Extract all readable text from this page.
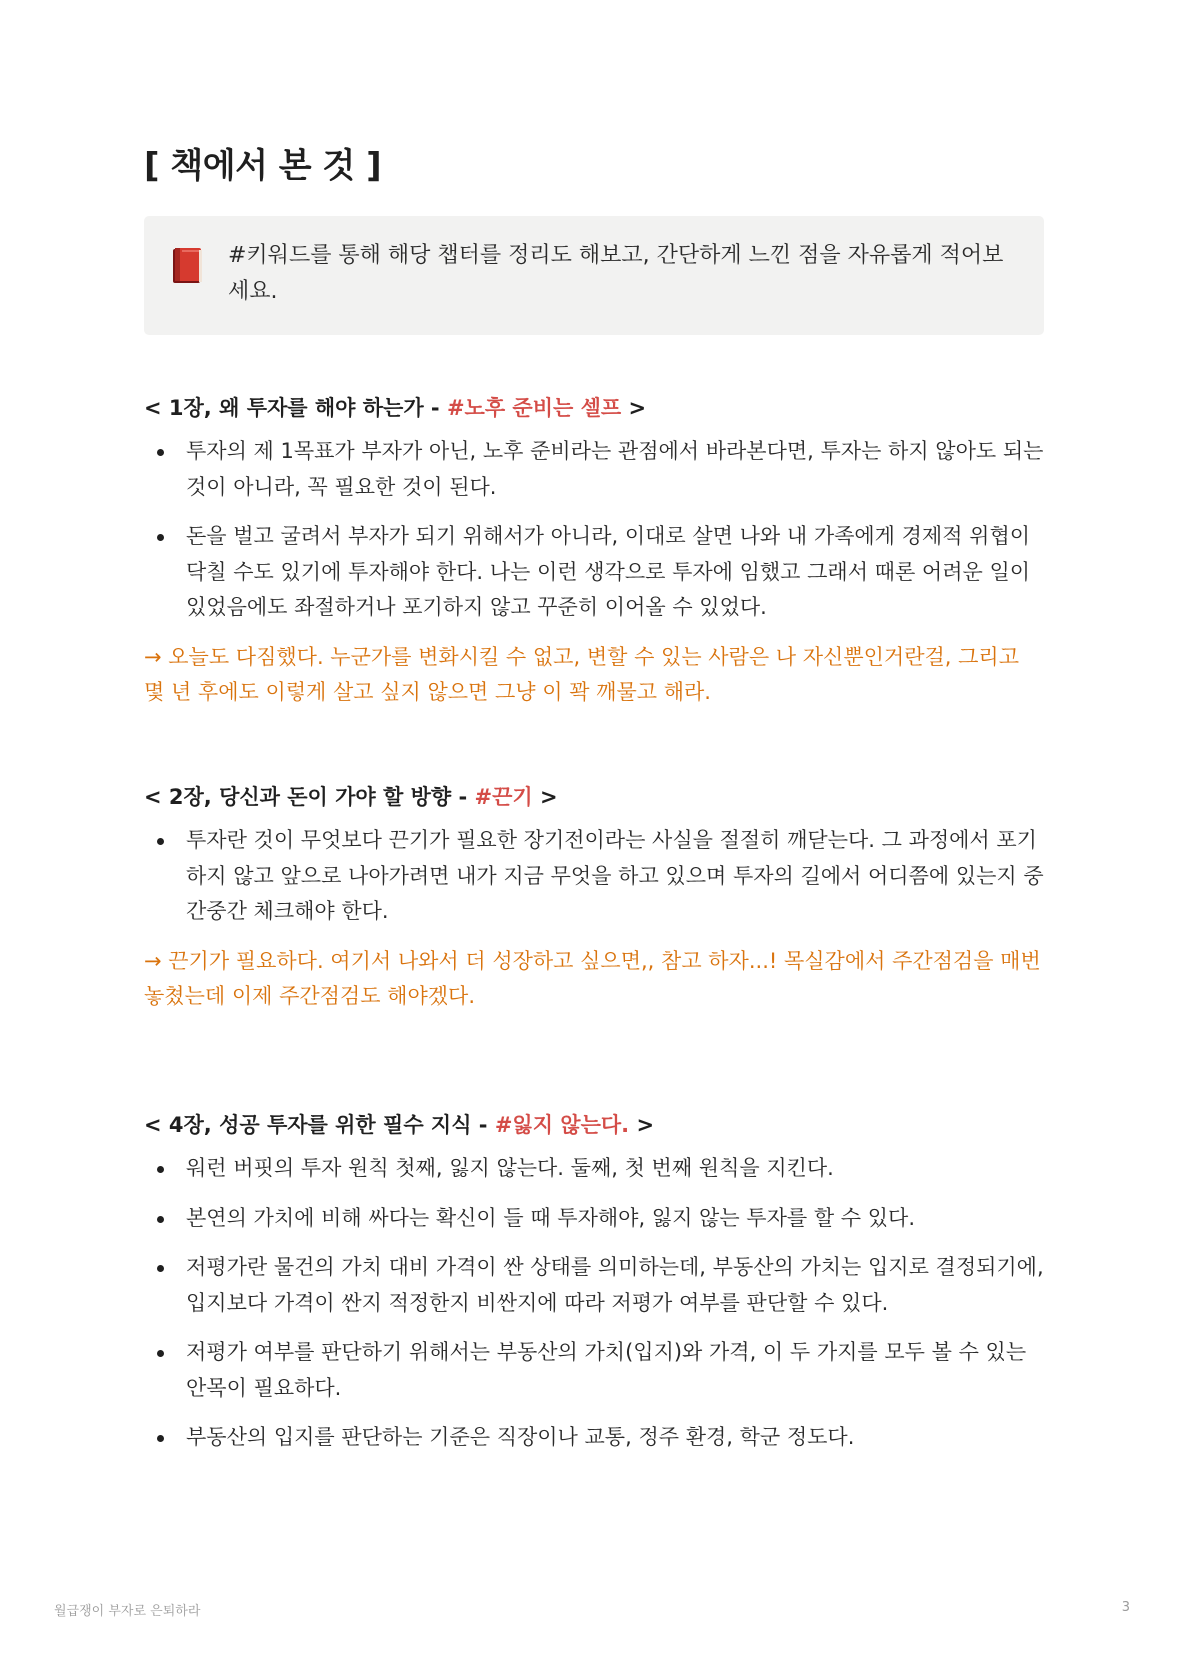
[ 책에서 본 것 ]
#키워드를 통해 해당 챕터를 정리도 해보고, 간단하게 느낀 점을 자유롭게 적어보세요.
< 1장, 왜 투자를 해야 하는가 - #노후 준비는 셀프 >
투자의 제 1목표가 부자가 아닌, 노후 준비라는 관점에서 바라본다면, 투자는 하지 않아도 되는 것이 아니라, 꼭 필요한 것이 된다.
돈을 벌고 굴려서 부자가 되기 위해서가 아니라, 이대로 살면 나와 내 가족에게 경제적 위협이 닥칠 수도 있기에 투자해야 한다. 나는 이런 생각으로 투자에 임했고 그래서 때론 어려운 일이 있었음에도 좌절하거나 포기하지 않고 꾸준히 이어올 수 있었다.
→ 오늘도 다짐했다. 누군가를 변화시킬 수 없고, 변할 수 있는 사람은 나 자신뿐인거란걸, 그리고 몇 년 후에도 이렇게 살고 싶지 않으면 그냥 이 꽉 깨물고 해라.
< 2장, 당신과 돈이 가야 할 방향 - #끈기 >
투자란 것이 무엇보다 끈기가 필요한 장기전이라는 사실을 절절히 깨닫는다. 그 과정에서 포기하지 않고 앞으로 나아가려면 내가 지금 무엇을 하고 있으며 투자의 길에서 어디쯤에 있는지 중간중간 체크해야 한다.
→ 끈기가 필요하다. 여기서 나와서 더 성장하고 싶으면,, 참고 하자...! 목실감에서 주간점검을 매번 놓쳤는데 이제 주간점검도 해야겠다.
< 4장, 성공 투자를 위한 필수 지식 - #잃지 않는다. >
워런 버핏의 투자 원칙 첫째, 잃지 않는다. 둘째, 첫 번째 원칙을 지킨다.
본연의 가치에 비해 싸다는 확신이 들 때 투자해야, 잃지 않는 투자를 할 수 있다.
저평가란 물건의 가치 대비 가격이 싼 상태를 의미하는데, 부동산의 가치는 입지로 결정되기에, 입지보다 가격이 싼지 적정한지 비싼지에 따라 저평가 여부를 판단할 수 있다.
저평가 여부를 판단하기 위해서는 부동산의 가치(입지)와 가격, 이 두 가지를 모두 볼 수 있는 안목이 필요하다.
부동산의 입지를 판단하는 기준은 직장이나 교통, 정주 환경, 학군 정도다.
월급쟁이 부자로 은퇴하라	3
